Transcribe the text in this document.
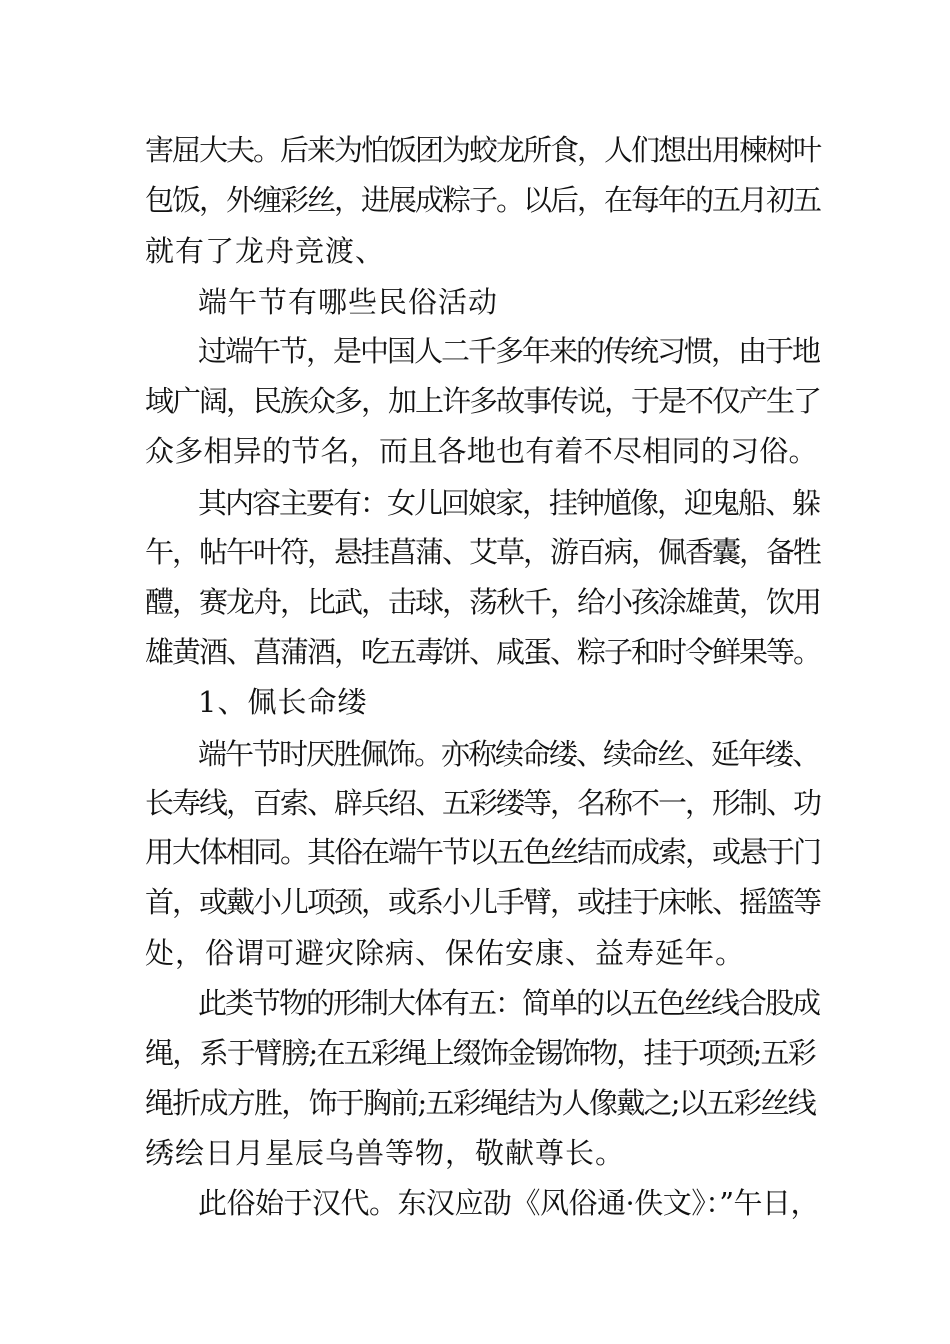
害屈大夫。后来为怕饭团为蛟龙所食，人们想出用楝树叶
包饭，外缠彩丝，进展成粽子。以后，在每年的五月初五
就有了龙舟竞渡、
端午节有哪些民俗活动
过端午节，是中国人二千多年来的传统习惯，由于地
域广阔，民族众多，加上许多故事传说，于是不仅产生了
众多相异的节名，而且各地也有着不尽相同的习俗。
其内容主要有：女儿回娘家，挂钟馗像，迎鬼船、躲
午，帖午叶符，悬挂菖蒲、艾草，游百病，佩香囊，备牲
醴，赛龙舟，比武，击球，荡秋千，给小孩涂雄黄，饮用
雄黄酒、菖蒲酒，吃五毒饼、咸蛋、粽子和时令鲜果等。
1、佩长命缕
端午节时厌胜佩饰。亦称续命缕、续命丝、延年缕、
长寿线，百索、辟兵绍、五彩缕等，名称不一，形制、功
用大体相同。其俗在端午节以五色丝结而成索，或悬于门
首，或戴小儿项颈，或系小儿手臂，或挂于床帐、摇篮等
处，俗谓可避灾除病、保佑安康、益寿延年。
此类节物的形制大体有五：简单的以五色丝线合股成
绳，系于臂膀;在五彩绳上缀饰金锡饰物，挂于项颈;五彩
绳折成方胜，饰于胸前;五彩绳结为人像戴之;以五彩丝线
绣绘日月星辰乌兽等物，敬献尊长。
此俗始于汉代。东汉应劭《风俗通·佚文》：”午日，
